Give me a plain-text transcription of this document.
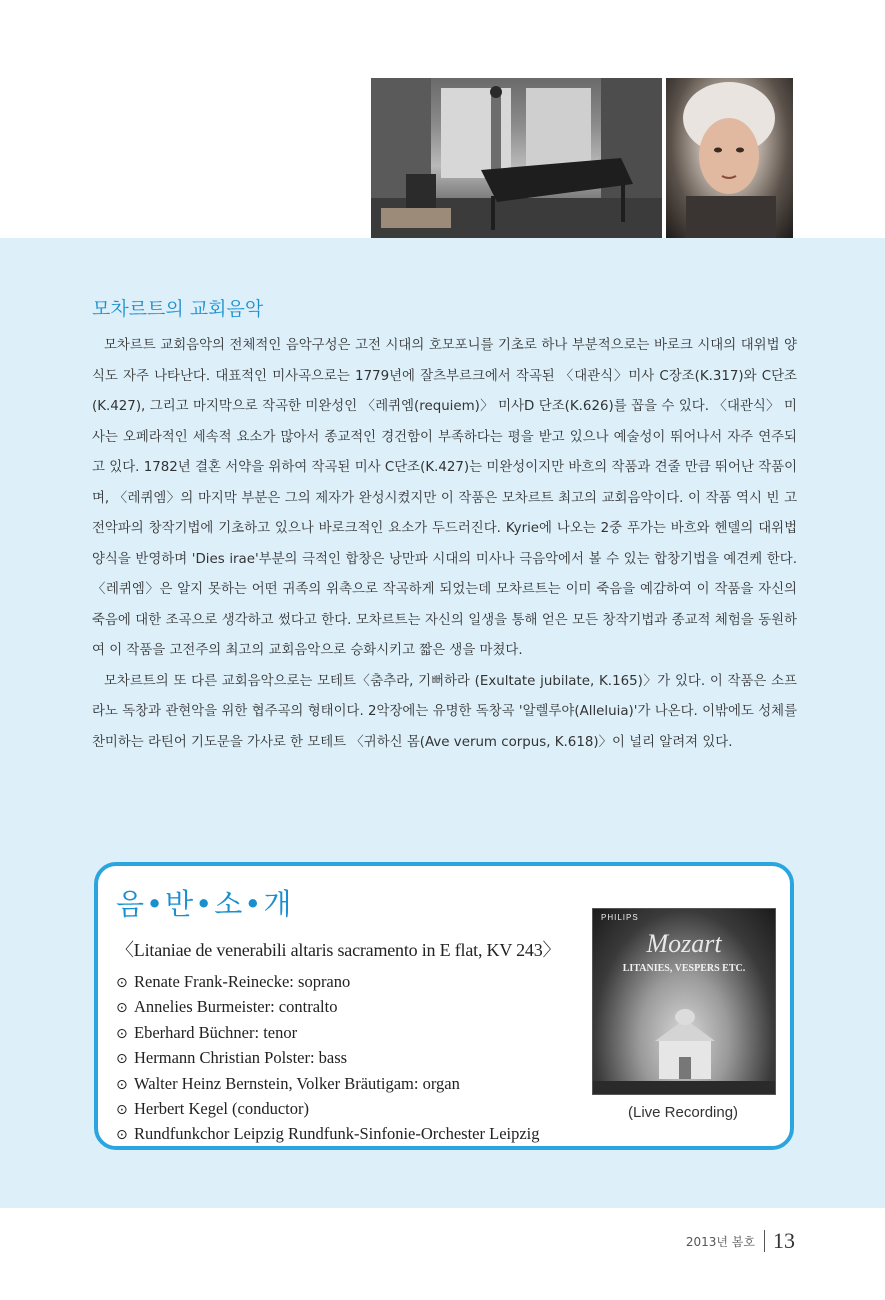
모차르트의 교회음악

모차르트 교회음악의 전체적인 음악구성은 고전 시대의 호모포니를 기초로 하나 부분적으로는 바로크 시대의 대위법 양식도 자주 나타난다. 대표적인 미사곡으로는 1779년에 잘츠부르크에서 작곡된 〈대관식〉미사 C장조(K.317)와 C단조(K.427), 그리고 마지막으로 작곡한 미완성인 〈레퀴엠(requiem)〉 미사D 단조(K.626)를 꼽을 수 있다. 〈대관식〉 미사는 오페라적인 세속적 요소가 많아서 종교적인 경건함이 부족하다는 평을 받고 있으나 예술성이 뛰어나서 자주 연주되고 있다. 1782년 결혼 서약을 위하여 작곡된 미사 C단조(K.427)는 미완성이지만 바흐의 작품과 견줄 만큼 뛰어난 작품이며, 〈레퀴엠〉의 마지막 부분은 그의 제자가 완성시켰지만 이 작품은 모차르트 최고의 교회음악이다. 이 작품 역시 빈 고전악파의 창작기법에 기초하고 있으나 바로크적인 요소가 두드러진다. Kyrie에 나오는 2중 푸가는 바흐와 헨델의 대위법 양식을 반영하며 'Dies irae'부분의 극적인 합창은 낭만파 시대의 미사나 극음악에서 볼 수 있는 합창기법을 예견케 한다. 〈레퀴엠〉은 알지 못하는 어떤 귀족의 위촉으로 작곡하게 되었는데 모차르트는 이미 죽음을 예감하여 이 작품을 자신의 죽음에 대한 조곡으로 생각하고 썼다고 한다. 모차르트는 자신의 일생을 통해 얻은 모든 창작기법과 종교적 체험을 동원하여 이 작품을 고전주의 최고의 교회음악으로 승화시키고 짧은 생을 마쳤다.

모차르트의 또 다른 교회음악으로는 모테트〈춤추라, 기뻐하라 (Exultate jubilate, K.165)〉가 있다. 이 작품은 소프라노 독창과 관현악을 위한 협주곡의 형태이다. 2악장에는 유명한 독창곡 '알렐루야(Alleluia)'가 나온다. 이밖에도 성체를 찬미하는 라틴어 기도문을 가사로 한 모테트 〈귀하신 몸(Ave verum corpus, K.618)〉이 널리 알려져 있다.

음•반•소•개
〈Litaniae de venerabili altaris sacramento in E flat, KV 243〉
⊙ Renate Frank-Reinecke: soprano
⊙ Annelies Burmeister: contralto
⊙ Eberhard Büchner: tenor
⊙ Hermann Christian Polster: bass
⊙ Walter Heinz Bernstein, Volker Bräutigam: organ
⊙ Herbert Kegel (conductor)
⊙ Rundfunkchor Leipzig Rundfunk-Sinfonie-Orchester Leipzig
PHILIPS
Mozart
LITANIES, VESPERS ETC.
(Live Recording)
2013년 봄호 13
